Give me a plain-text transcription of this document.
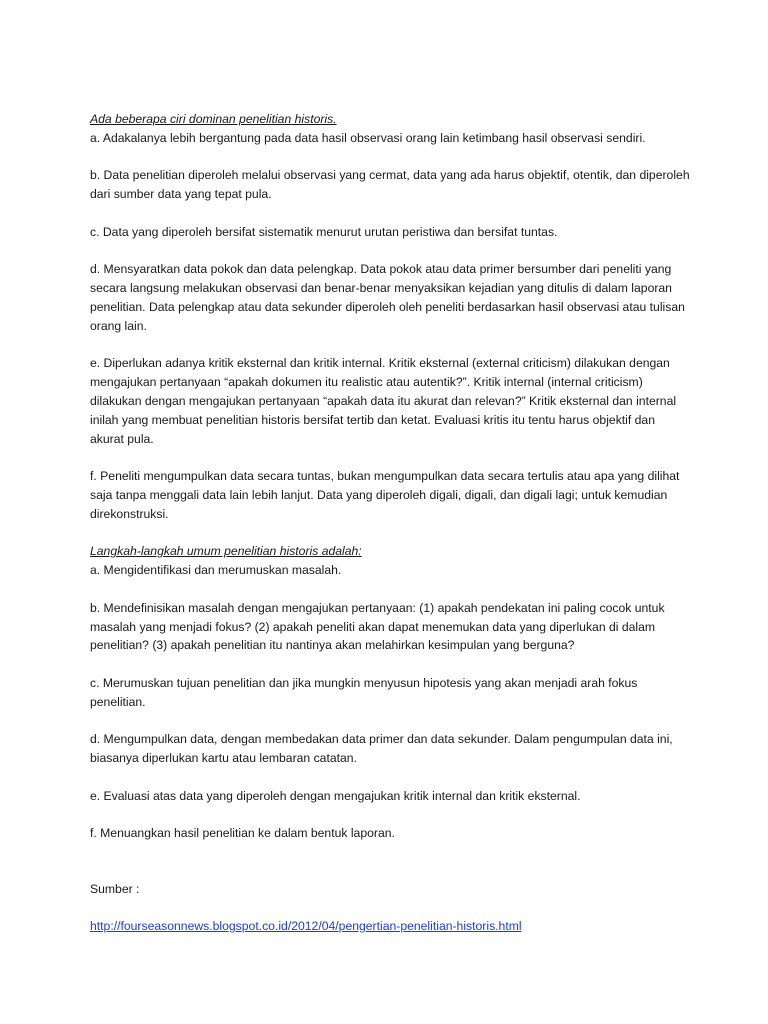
Ada beberapa ciri dominan penelitian historis.

a. Adakalanya lebih bergantung pada data hasil observasi orang lain ketimbang hasil observasi sendiri.

b. Data penelitian diperoleh melalui observasi yang cermat, data yang ada harus objektif, otentik, dan diperoleh dari sumber data yang tepat pula.

c. Data yang diperoleh bersifat sistematik menurut urutan peristiwa dan bersifat tuntas.

d. Mensyaratkan data pokok dan data pelengkap. Data pokok atau data primer bersumber dari peneliti yang secara langsung melakukan observasi dan benar-benar menyaksikan kejadian yang ditulis di dalam laporan penelitian. Data pelengkap atau data sekunder diperoleh oleh peneliti berdasarkan hasil observasi atau tulisan orang lain.

e. Diperlukan adanya kritik eksternal dan kritik internal. Kritik eksternal (external criticism) dilakukan dengan mengajukan pertanyaan “apakah dokumen itu realistic atau autentik?”. Kritik internal (internal criticism) dilakukan dengan mengajukan pertanyaan “apakah data itu akurat dan relevan?” Kritik eksternal dan internal inilah yang membuat penelitian historis bersifat tertib dan ketat. Evaluasi kritis itu tentu harus objektif dan akurat pula.

f. Peneliti mengumpulkan data secara tuntas, bukan mengumpulkan data secara tertulis atau apa yang dilihat saja tanpa menggali data lain lebih lanjut. Data yang diperoleh digali, digali, dan digali lagi; untuk kemudian direkonstruksi.

Langkah-langkah umum penelitian historis adalah:

a. Mengidentifikasi dan merumuskan masalah.

b. Mendefinisikan masalah dengan mengajukan pertanyaan: (1) apakah pendekatan ini paling cocok untuk masalah yang menjadi fokus? (2) apakah peneliti akan dapat menemukan data yang diperlukan di dalam penelitian? (3) apakah penelitian itu nantinya akan melahirkan kesimpulan yang berguna?

c. Merumuskan tujuan penelitian dan jika mungkin menyusun hipotesis yang akan menjadi arah fokus penelitian.

d. Mengumpulkan data, dengan membedakan data primer dan data sekunder. Dalam pengumpulan data ini, biasanya diperlukan kartu atau lembaran catatan.

e. Evaluasi atas data yang diperoleh dengan mengajukan kritik internal dan kritik eksternal.

f. Menuangkan hasil penelitian ke dalam bentuk laporan.

Sumber :

http://fourseasonnews.blogspot.co.id/2012/04/pengertian-penelitian-historis.html
